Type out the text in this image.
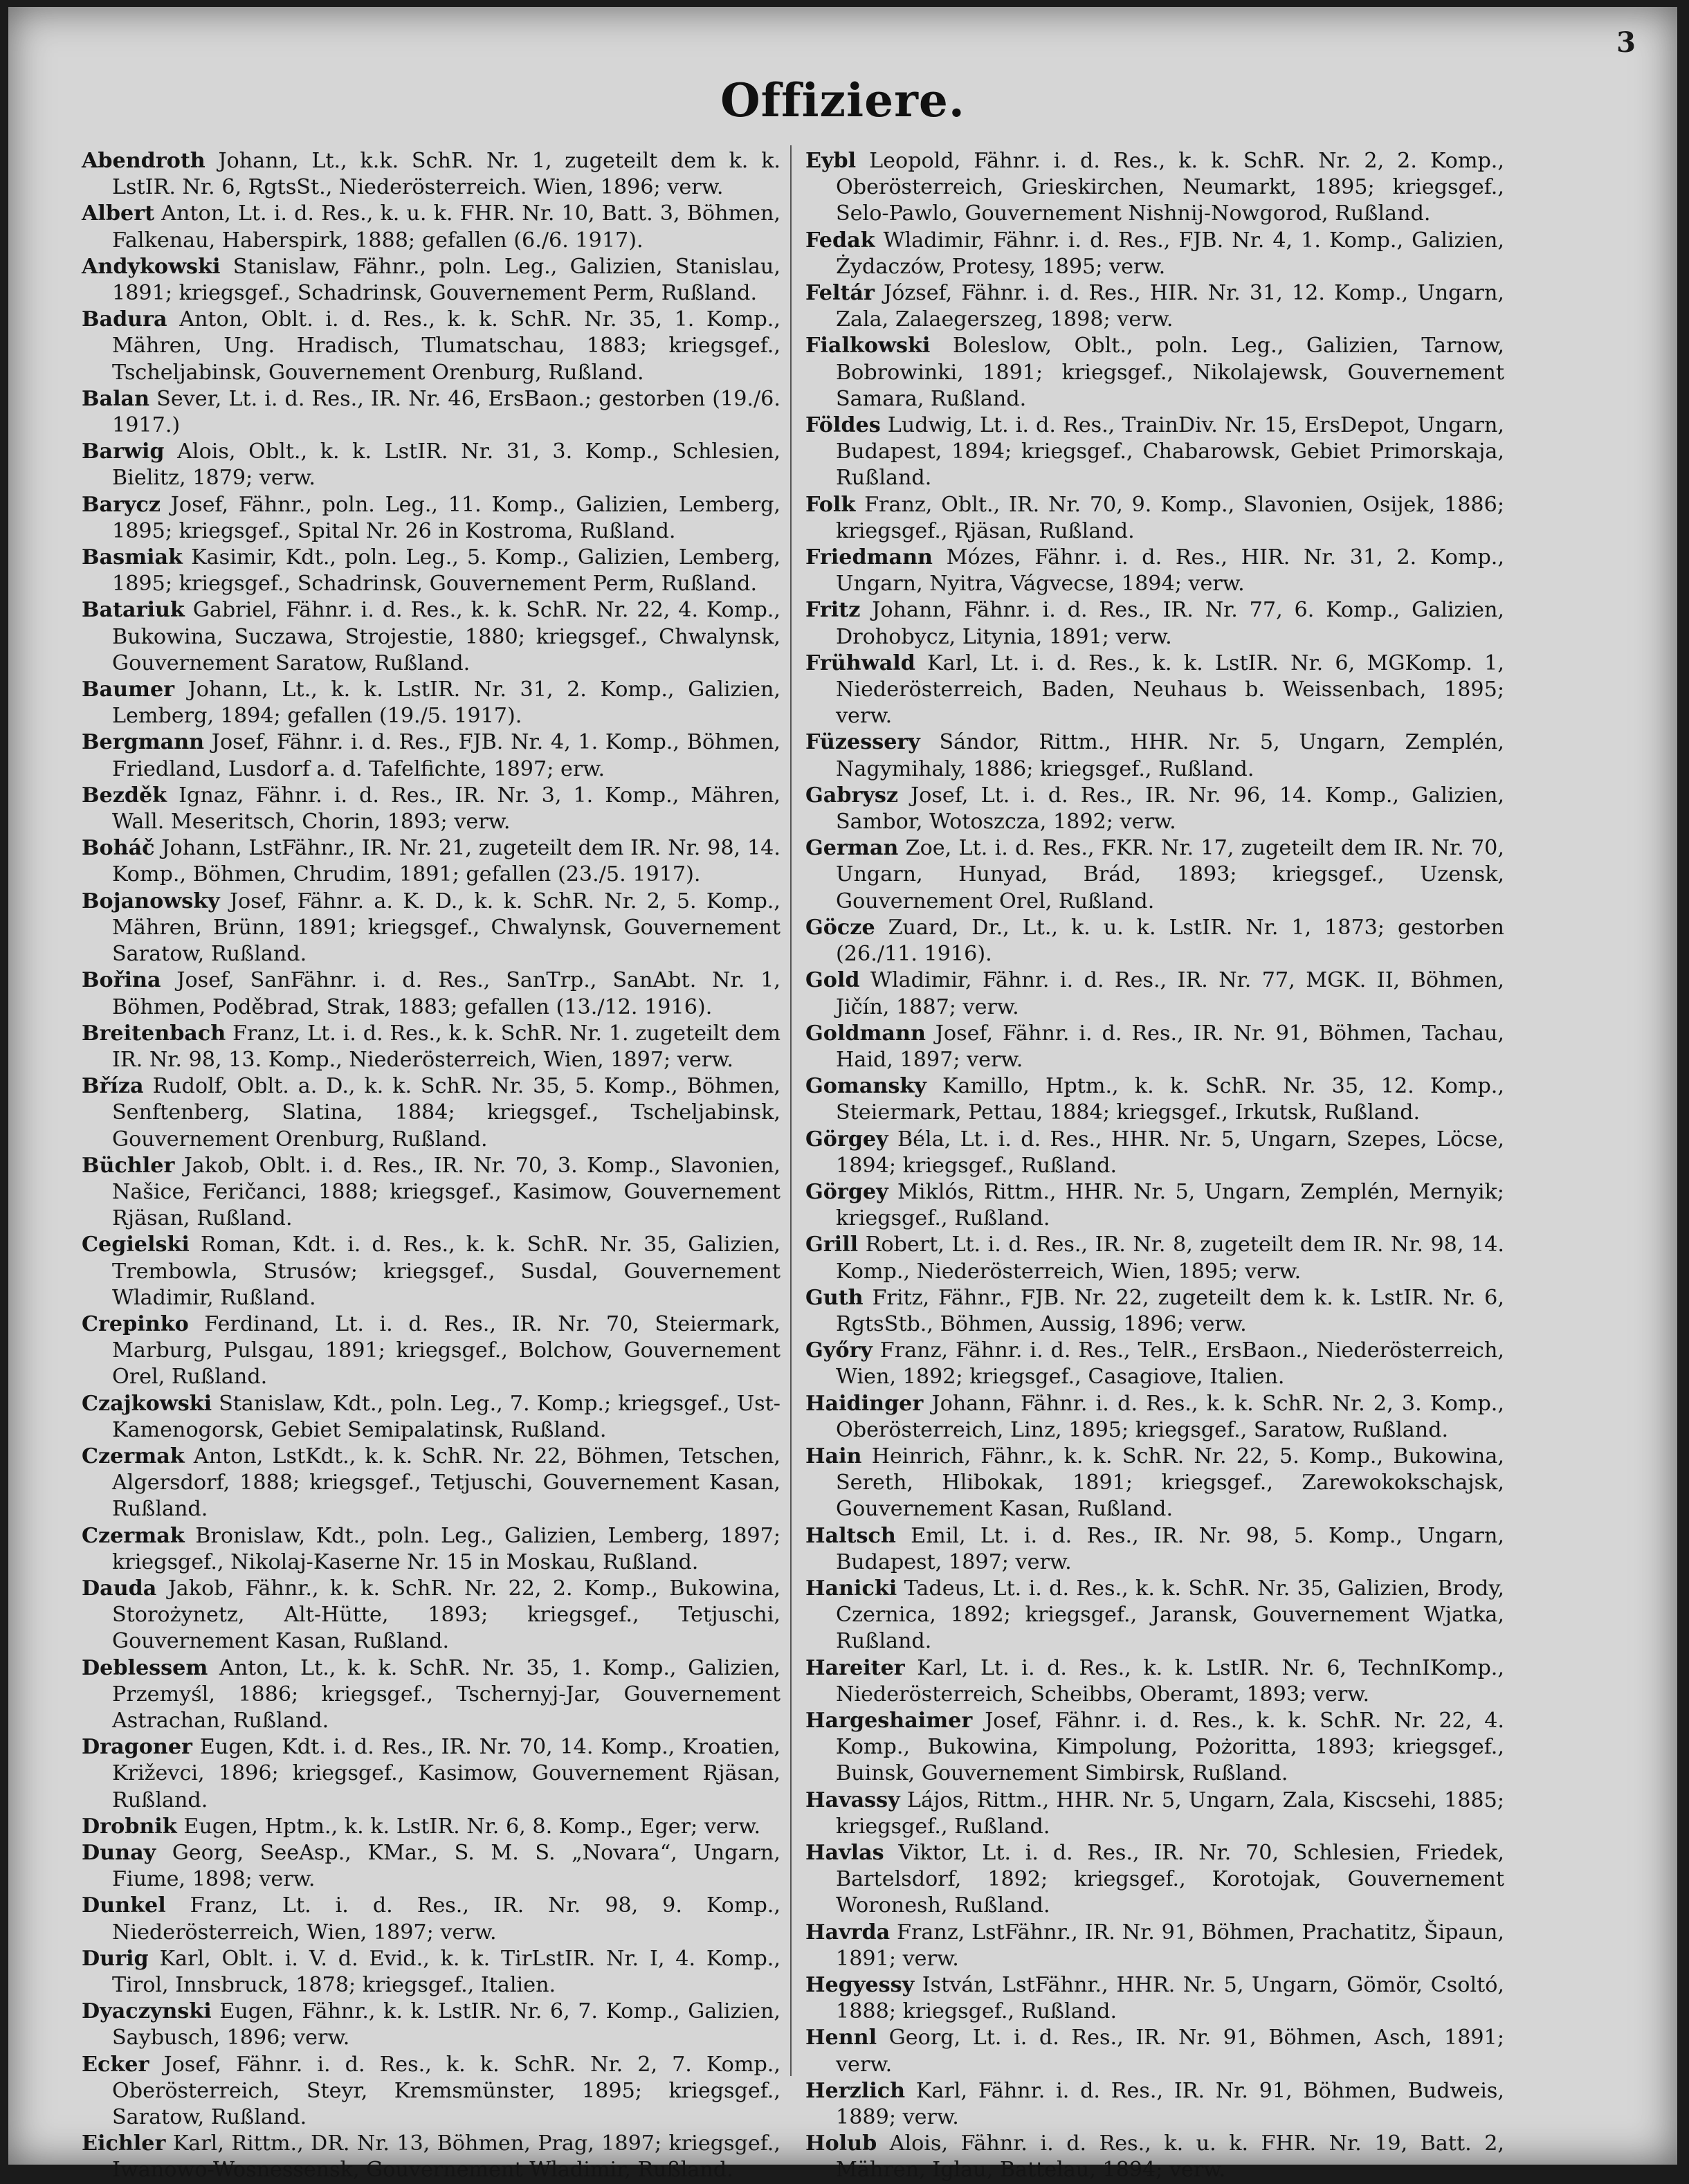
3
Offiziere.

Abendroth Johann, Lt., k.k. SchR. Nr. 1, zugeteilt dem k. k. LstIR. Nr. 6, RgtsSt., Niederösterreich. Wien, 1896; verw.

Albert Anton, Lt. i. d. Res., k. u. k. FHR. Nr. 10, Batt. 3, Böhmen, Falkenau, Haberspirk, 1888; gefallen (6./6. 1917).

Andykowski Stanislaw, Fähnr., poln. Leg., Galizien, Stanislau, 1891; kriegsgef., Schadrinsk, Gouvernement Perm, Rußland.

Badura Anton, Oblt. i. d. Res., k. k. SchR. Nr. 35, 1. Komp., Mähren, Ung. Hradisch, Tlumatschau, 1883; kriegsgef., Tscheljabinsk, Gouvernement Orenburg, Rußland.

Balan Sever, Lt. i. d. Res., IR. Nr. 46, ErsBaon.; gestorben (19./6. 1917.)

Barwig Alois, Oblt., k. k. LstIR. Nr. 31, 3. Komp., Schlesien, Bielitz, 1879; verw.

Barycz Josef, Fähnr., poln. Leg., 11. Komp., Galizien, Lemberg, 1895; kriegsgef., Spital Nr. 26 in Kostroma, Rußland.

Basmiak Kasimir, Kdt., poln. Leg., 5. Komp., Galizien, Lemberg, 1895; kriegsgef., Schadrinsk, Gouvernement Perm, Rußland.

Batariuk Gabriel, Fähnr. i. d. Res., k. k. SchR. Nr. 22, 4. Komp., Bukowina, Suczawa, Strojestie, 1880; kriegsgef., Chwalynsk, Gouvernement Saratow, Rußland.

Baumer Johann, Lt., k. k. LstIR. Nr. 31, 2. Komp., Galizien, Lemberg, 1894; gefallen (19./5. 1917).

Bergmann Josef, Fähnr. i. d. Res., FJB. Nr. 4, 1. Komp., Böhmen, Friedland, Lusdorf a. d. Tafelfichte, 1897; erw.

Bezděk Ignaz, Fähnr. i. d. Res., IR. Nr. 3, 1. Komp., Mähren, Wall. Meseritsch, Chorin, 1893; verw.

Boháč Johann, LstFähnr., IR. Nr. 21, zugeteilt dem IR. Nr. 98, 14. Komp., Böhmen, Chrudim, 1891; gefallen (23./5. 1917).

Bojanowsky Josef, Fähnr. a. K. D., k. k. SchR. Nr. 2, 5. Komp., Mähren, Brünn, 1891; kriegsgef., Chwalynsk, Gouvernement Saratow, Rußland.

Bořina Josef, SanFähnr. i. d. Res., SanTrp., SanAbt. Nr. 1, Böhmen, Poděbrad, Strak, 1883; gefallen (13./12. 1916).

Breitenbach Franz, Lt. i. d. Res., k. k. SchR. Nr. 1. zugeteilt dem IR. Nr. 98, 13. Komp., Niederösterreich, Wien, 1897; verw.

Bříza Rudolf, Oblt. a. D., k. k. SchR. Nr. 35, 5. Komp., Böhmen, Senftenberg, Slatina, 1884; kriegsgef., Tscheljabinsk, Gouvernement Orenburg, Rußland.

Büchler Jakob, Oblt. i. d. Res., IR. Nr. 70, 3. Komp., Slavonien, Našice, Feričanci, 1888; kriegsgef., Kasimow, Gouvernement Rjäsan, Rußland.

Cegielski Roman, Kdt. i. d. Res., k. k. SchR. Nr. 35, Galizien, Trembowla, Strusów; kriegsgef., Susdal, Gouvernement Wladimir, Rußland.

Crepinko Ferdinand, Lt. i. d. Res., IR. Nr. 70, Steiermark, Marburg, Pulsgau, 1891; kriegsgef., Bolchow, Gouvernement Orel, Rußland.

Czajkowski Stanislaw, Kdt., poln. Leg., 7. Komp.; kriegsgef., Ust-Kamenogorsk, Gebiet Semipalatinsk, Rußland.

Czermak Anton, LstKdt., k. k. SchR. Nr. 22, Böhmen, Tetschen, Algersdorf, 1888; kriegsgef., Tetjuschi, Gouvernement Kasan, Rußland.

Czermak Bronislaw, Kdt., poln. Leg., Galizien, Lemberg, 1897; kriegsgef., Nikolaj-Kaserne Nr. 15 in Moskau, Rußland.

Dauda Jakob, Fähnr., k. k. SchR. Nr. 22, 2. Komp., Bukowina, Storożynetz, Alt-Hütte, 1893; kriegsgef., Tetjuschi, Gouvernement Kasan, Rußland.

Deblessem Anton, Lt., k. k. SchR. Nr. 35, 1. Komp., Galizien, Przemyśl, 1886; kriegsgef., Tschernyj-Jar, Gouvernement Astrachan, Rußland.

Dragoner Eugen, Kdt. i. d. Res., IR. Nr. 70, 14. Komp., Kroatien, Križevci, 1896; kriegsgef., Kasimow, Gouvernement Rjäsan, Rußland.

Drobnik Eugen, Hptm., k. k. LstIR. Nr. 6, 8. Komp., Eger; verw.

Dunay Georg, SeeAsp., KMar., S. M. S. „Novara“, Ungarn, Fiume, 1898; verw.

Dunkel Franz, Lt. i. d. Res., IR. Nr. 98, 9. Komp., Niederösterreich, Wien, 1897; verw.

Durig Karl, Oblt. i. V. d. Evid., k. k. TirLstIR. Nr. I, 4. Komp., Tirol, Innsbruck, 1878; kriegsgef., Italien.

Dyaczynski Eugen, Fähnr., k. k. LstIR. Nr. 6, 7. Komp., Galizien, Saybusch, 1896; verw.

Ecker Josef, Fähnr. i. d. Res., k. k. SchR. Nr. 2, 7. Komp., Oberösterreich, Steyr, Kremsmünster, 1895; kriegsgef., Saratow, Rußland.

Eichler Karl, Rittm., DR. Nr. 13, Böhmen, Prag, 1897; kriegsgef., Iwanowo-Wosnessensk, Gouvernement Wladimir, Rußland.

Eybl Leopold, Fähnr. i. d. Res., k. k. SchR. Nr. 2, 2. Komp., Oberösterreich, Grieskirchen, Neumarkt, 1895; kriegsgef., Selo-Pawlo, Gouvernement Nishnij-Nowgorod, Rußland.

Fedak Wladimir, Fähnr. i. d. Res., FJB. Nr. 4, 1. Komp., Galizien, Żydaczów, Protesy, 1895; verw.

Feltár József, Fähnr. i. d. Res., HIR. Nr. 31, 12. Komp., Ungarn, Zala, Zalaegerszeg, 1898; verw.

Fialkowski Boleslow, Oblt., poln. Leg., Galizien, Tarnow, Bobrowinki, 1891; kriegsgef., Nikolajewsk, Gouvernement Samara, Rußland.

Földes Ludwig, Lt. i. d. Res., TrainDiv. Nr. 15, ErsDepot, Ungarn, Budapest, 1894; kriegsgef., Chabarowsk, Gebiet Primorskaja, Rußland.

Folk Franz, Oblt., IR. Nr. 70, 9. Komp., Slavonien, Osijek, 1886; kriegsgef., Rjäsan, Rußland.

Friedmann Mózes, Fähnr. i. d. Res., HIR. Nr. 31, 2. Komp., Ungarn, Nyitra, Vágvecse, 1894; verw.

Fritz Johann, Fähnr. i. d. Res., IR. Nr. 77, 6. Komp., Galizien, Drohobycz, Litynia, 1891; verw.

Frühwald Karl, Lt. i. d. Res., k. k. LstIR. Nr. 6, MGKomp. 1, Niederösterreich, Baden, Neuhaus b. Weissenbach, 1895; verw.

Füzessery Sándor, Rittm., HHR. Nr. 5, Ungarn, Zemplén, Nagymihaly, 1886; kriegsgef., Rußland.

Gabrysz Josef, Lt. i. d. Res., IR. Nr. 96, 14. Komp., Galizien, Sambor, Wotoszcza, 1892; verw.

German Zoe, Lt. i. d. Res., FKR. Nr. 17, zugeteilt dem IR. Nr. 70, Ungarn, Hunyad, Brád, 1893; kriegsgef., Uzensk, Gouvernement Orel, Rußland.

Göcze Zuard, Dr., Lt., k. u. k. LstIR. Nr. 1, 1873; gestorben (26./11. 1916).

Gold Wladimir, Fähnr. i. d. Res., IR. Nr. 77, MGK. II, Böhmen, Jičín, 1887; verw.

Goldmann Josef, Fähnr. i. d. Res., IR. Nr. 91, Böhmen, Tachau, Haid, 1897; verw.

Gomansky Kamillo, Hptm., k. k. SchR. Nr. 35, 12. Komp., Steiermark, Pettau, 1884; kriegsgef., Irkutsk, Rußland.

Görgey Béla, Lt. i. d. Res., HHR. Nr. 5, Ungarn, Szepes, Löcse, 1894; kriegsgef., Rußland.

Görgey Miklós, Rittm., HHR. Nr. 5, Ungarn, Zemplén, Mernyik; kriegsgef., Rußland.

Grill Robert, Lt. i. d. Res., IR. Nr. 8, zugeteilt dem IR. Nr. 98, 14. Komp., Niederösterreich, Wien, 1895; verw.

Guth Fritz, Fähnr., FJB. Nr. 22, zugeteilt dem k. k. LstIR. Nr. 6, RgtsStb., Böhmen, Aussig, 1896; verw.

Győry Franz, Fähnr. i. d. Res., TelR., ErsBaon., Niederösterreich, Wien, 1892; kriegsgef., Casagiove, Italien.

Haidinger Johann, Fähnr. i. d. Res., k. k. SchR. Nr. 2, 3. Komp., Oberösterreich, Linz, 1895; kriegsgef., Saratow, Rußland.

Hain Heinrich, Fähnr., k. k. SchR. Nr. 22, 5. Komp., Bukowina, Sereth, Hlibokak, 1891; kriegsgef., Zarewokokschajsk, Gouvernement Kasan, Rußland.

Haltsch Emil, Lt. i. d. Res., IR. Nr. 98, 5. Komp., Ungarn, Budapest, 1897; verw.

Hanicki Tadeus, Lt. i. d. Res., k. k. SchR. Nr. 35, Galizien, Brody, Czernica, 1892; kriegsgef., Jaransk, Gouvernement Wjatka, Rußland.

Hareiter Karl, Lt. i. d. Res., k. k. LstIR. Nr. 6, TechnIKomp., Niederösterreich, Scheibbs, Oberamt, 1893; verw.

Hargeshaimer Josef, Fähnr. i. d. Res., k. k. SchR. Nr. 22, 4. Komp., Bukowina, Kimpolung, Pożoritta, 1893; kriegsgef., Buinsk, Gouvernement Simbirsk, Rußland.

Havassy Lájos, Rittm., HHR. Nr. 5, Ungarn, Zala, Kiscsehi, 1885; kriegsgef., Rußland.

Havlas Viktor, Lt. i. d. Res., IR. Nr. 70, Schlesien, Friedek, Bartelsdorf, 1892; kriegsgef., Korotojak, Gouvernement Woronesh, Rußland.

Havrda Franz, LstFähnr., IR. Nr. 91, Böhmen, Prachatitz, Šipaun, 1891; verw.

Hegyessy István, LstFähnr., HHR. Nr. 5, Ungarn, Gömör, Csoltó, 1888; kriegsgef., Rußland.

Hennl Georg, Lt. i. d. Res., IR. Nr. 91, Böhmen, Asch, 1891; verw.

Herzlich Karl, Fähnr. i. d. Res., IR. Nr. 91, Böhmen, Budweis, 1889; verw.

Holub Alois, Fähnr. i. d. Res., k. u. k. FHR. Nr. 19, Batt. 2, Mähren, Iglau, Battelau, 1894; verw.
